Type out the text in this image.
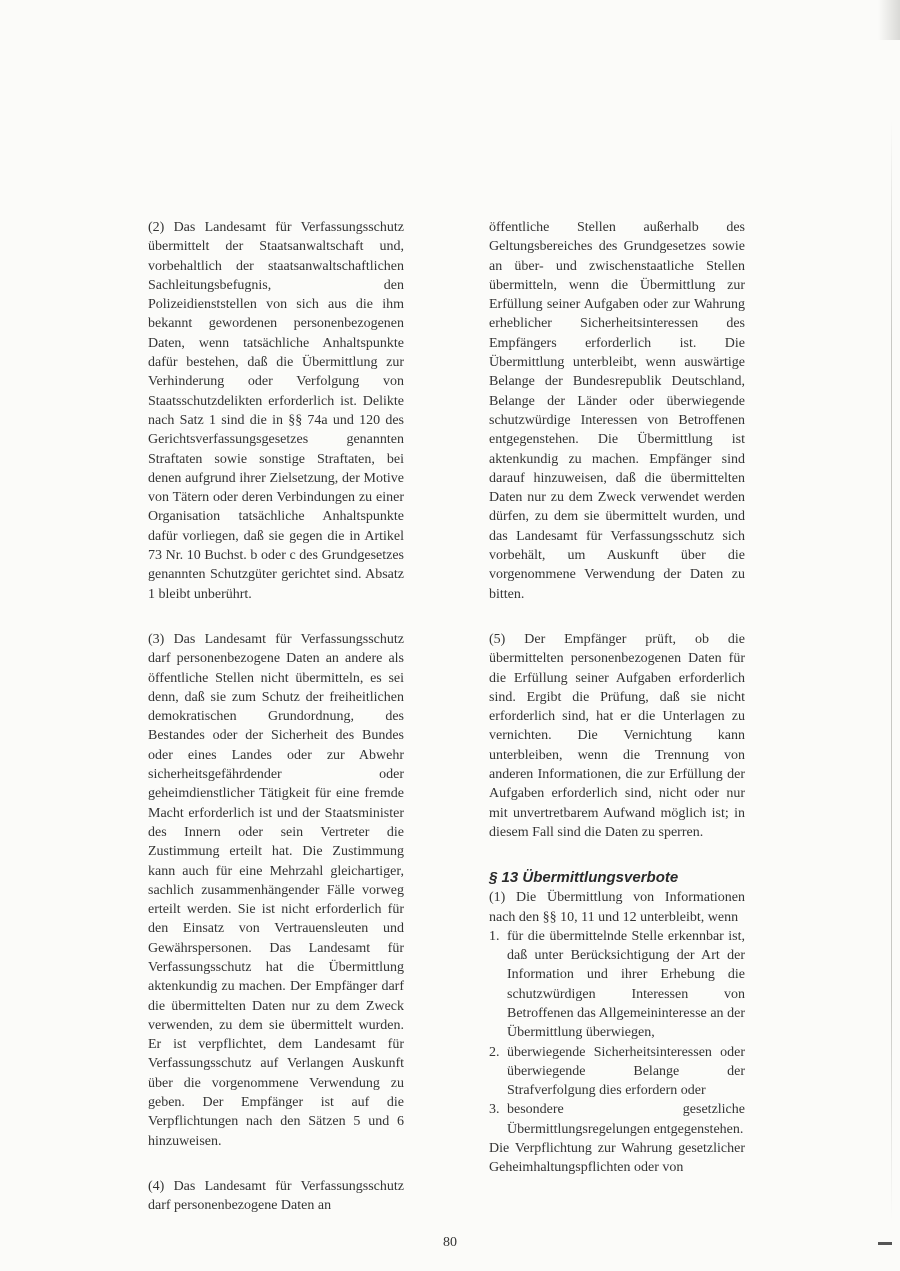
(2) Das Landesamt für Verfassungsschutz übermittelt der Staatsanwaltschaft und, vorbehaltlich der staatsanwaltschaftlichen Sachleitungsbefugnis, den Polizeidienststellen von sich aus die ihm bekannt gewordenen personenbezogenen Daten, wenn tatsächliche Anhaltspunkte dafür bestehen, daß die Übermittlung zur Verhinderung oder Verfolgung von Staatsschutzdelikten erforderlich ist. Delikte nach Satz 1 sind die in §§ 74a und 120 des Gerichtsverfassungsgesetzes genannten Straftaten sowie sonstige Straftaten, bei denen aufgrund ihrer Zielsetzung, der Motive von Tätern oder deren Verbindungen zu einer Organisation tatsächliche Anhaltspunkte dafür vorliegen, daß sie gegen die in Artikel 73 Nr. 10 Buchst. b oder c des Grundgesetzes genannten Schutzgüter gerichtet sind. Absatz 1 bleibt unberührt.

(3) Das Landesamt für Verfassungsschutz darf personenbezogene Daten an andere als öffentliche Stellen nicht übermitteln, es sei denn, daß sie zum Schutz der freiheitlichen demokratischen Grundordnung, des Bestandes oder der Sicherheit des Bundes oder eines Landes oder zur Abwehr sicherheitsgefährdender oder geheimdienstlicher Tätigkeit für eine fremde Macht erforderlich ist und der Staatsminister des Innern oder sein Vertreter die Zustimmung erteilt hat. Die Zustimmung kann auch für eine Mehrzahl gleichartiger, sachlich zusammenhängender Fälle vorweg erteilt werden. Sie ist nicht erforderlich für den Einsatz von Vertrauensleuten und Gewährspersonen. Das Landesamt für Verfassungsschutz hat die Übermittlung aktenkundig zu machen. Der Empfänger darf die übermittelten Daten nur zu dem Zweck verwenden, zu dem sie übermittelt wurden. Er ist verpflichtet, dem Landesamt für Verfassungsschutz auf Verlangen Auskunft über die vorgenommene Verwendung zu geben. Der Empfänger ist auf die Verpflichtungen nach den Sätzen 5 und 6 hinzuweisen.

(4) Das Landesamt für Verfassungsschutz darf personenbezogene Daten an

öffentliche Stellen außerhalb des Geltungsbereiches des Grundgesetzes sowie an über- und zwischenstaatliche Stellen übermitteln, wenn die Übermittlung zur Erfüllung seiner Aufgaben oder zur Wahrung erheblicher Sicherheitsinteressen des Empfängers erforderlich ist. Die Übermittlung unterbleibt, wenn auswärtige Belange der Bundesrepublik Deutschland, Belange der Länder oder überwiegende schutzwürdige Interessen von Betroffenen entgegenstehen. Die Übermittlung ist aktenkundig zu machen. Empfänger sind darauf hinzuweisen, daß die übermittelten Daten nur zu dem Zweck verwendet werden dürfen, zu dem sie übermittelt wurden, und das Landesamt für Verfassungsschutz sich vorbehält, um Auskunft über die vorgenommene Verwendung der Daten zu bitten.

(5) Der Empfänger prüft, ob die übermittelten personenbezogenen Daten für die Erfüllung seiner Aufgaben erforderlich sind. Ergibt die Prüfung, daß sie nicht erforderlich sind, hat er die Unterlagen zu vernichten. Die Vernichtung kann unterbleiben, wenn die Trennung von anderen Informationen, die zur Erfüllung der Aufgaben erforderlich sind, nicht oder nur mit unvertretbarem Aufwand möglich ist; in diesem Fall sind die Daten zu sperren.

§ 13 Übermittlungsverbote

(1) Die Übermittlung von Informationen nach den §§ 10, 11 und 12 unterbleibt, wenn

1. für die übermittelnde Stelle erkennbar ist, daß unter Berücksichtigung der Art der Information und ihrer Erhebung die schutzwürdigen Interessen von Betroffenen das Allgemeininteresse an der Übermittlung überwiegen,
2. überwiegende Sicherheitsinteressen oder überwiegende Belange der Strafverfolgung dies erfordern oder
3. besondere gesetzliche Übermittlungsregelungen entgegenstehen.

Die Verpflichtung zur Wahrung gesetzlicher Geheimhaltungspflichten oder von

80
